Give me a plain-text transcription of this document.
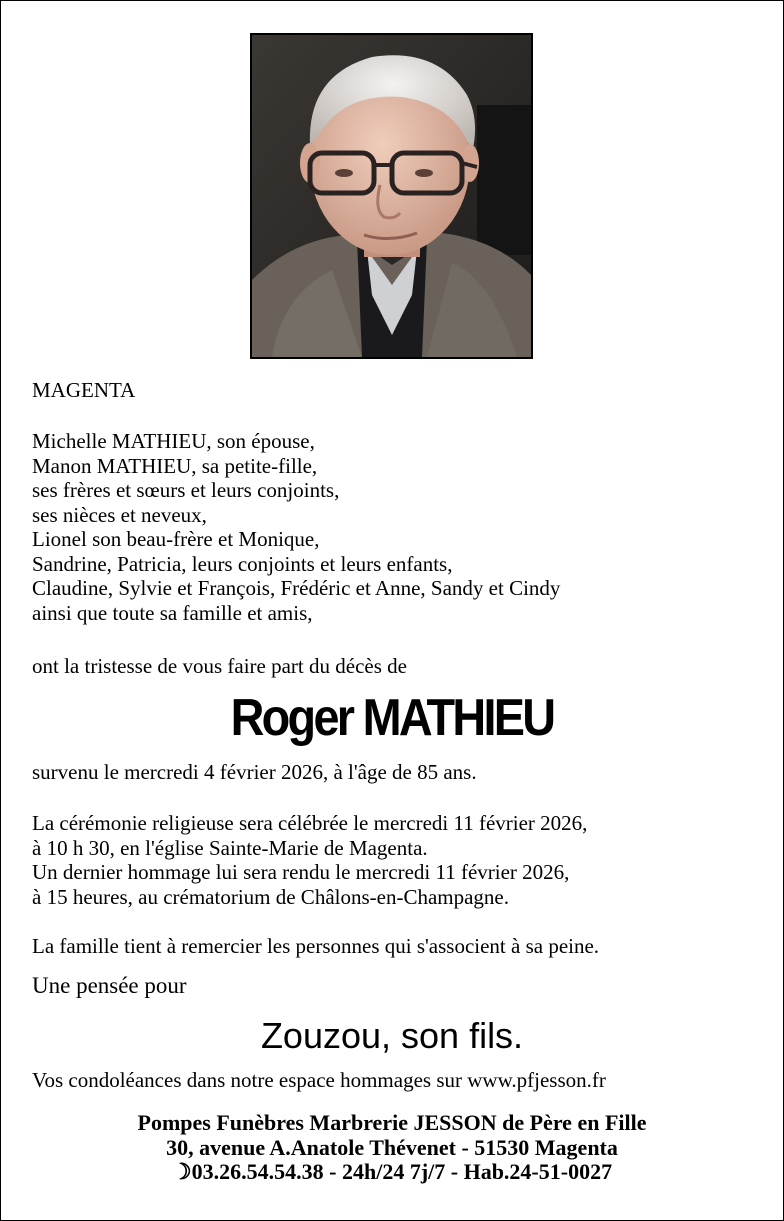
MAGENTA
Michelle MATHIEU, son épouse,
Manon MATHIEU, sa petite-fille,
ses frères et sœurs et leurs conjoints,
ses nièces et neveux,
Lionel son beau-frère et Monique,
Sandrine, Patricia, leurs conjoints et leurs enfants,
Claudine, Sylvie et François, Frédéric et Anne, Sandy et Cindy
ainsi que toute sa famille et amis,
ont la tristesse de vous faire part du décès de
Roger MATHIEU
survenu le mercredi 4 février 2026, à l'âge de 85 ans.
La cérémonie religieuse sera célébrée le mercredi 11 février 2026,
à 10 h 30, en l'église Sainte-Marie de Magenta.
Un dernier hommage lui sera rendu le mercredi 11 février 2026,
à 15 heures, au crématorium de Châlons-en-Champagne.
La famille tient à remercier les personnes qui s'associent à sa peine.
Une pensée pour
Zouzou, son fils.
Vos condoléances dans notre espace hommages sur www.pfjesson.fr
Pompes Funèbres Marbrerie JESSON de Père en Fille
30, avenue A.Anatole Thévenet - 51530 Magenta
☽03.26.54.54.38 - 24h/24 7j/7 - Hab.24-51-0027
